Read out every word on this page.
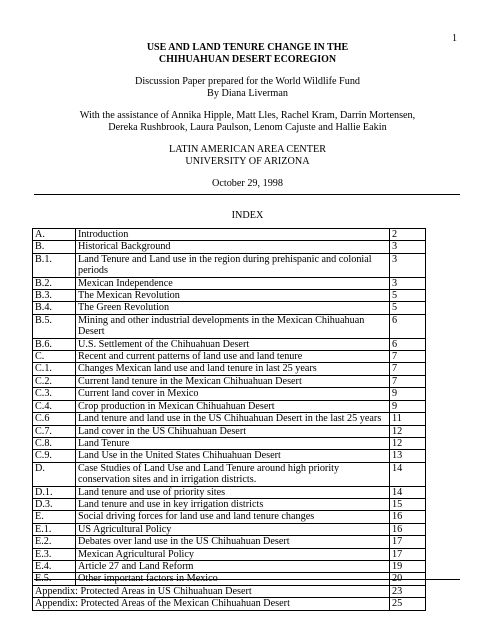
1
USE AND LAND TENURE CHANGE IN THE
CHIHUAHUAN DESERT ECOREGION
Discussion Paper prepared for the World Wildlife Fund
By Diana Liverman
With the assistance of Annika Hipple, Matt Lles, Rachel Kram, Darrin Mortensen,
Dereka Rushbrook, Laura Paulson, Lenom Cajuste and Hallie Eakin
LATIN AMERICAN AREA CENTER
UNIVERSITY OF ARIZONA
October 29, 1998
INDEX
A.	Introduction	2
B.	Historical Background	3
B.1.	Land Tenure and Land use in the region during prehispanic and colonial periods	3
B.2.	Mexican Independence	3
B.3.	The Mexican Revolution	5
B.4.	The Green Revolution	5
B.5.	Mining and other industrial developments in the Mexican Chihuahuan Desert	6
B.6.	U.S. Settlement of the Chihuahuan Desert	6
C.	Recent and current patterns of land use and land tenure	7
C.1.	Changes Mexican land use and land tenure in last 25 years	7
C.2.	Current land tenure in the Mexican Chihuahuan Desert	7
C.3.	Current land cover in Mexico	9
C.4.	Crop production in Mexican Chihuahuan Desert	9
C.6	Land tenure and land use in the US Chihuahuan Desert in the last 25 years	11
C.7.	Land cover in the US Chihuahuan Desert	12
C.8.	Land Tenure	12
C.9.	Land Use in the United States Chihuahuan Desert	13
D.	Case Studies of Land Use and Land Tenure around high priority conservation sites and in irrigation districts.	14
D.1.	Land tenure and use of priority sites	14
D.3.	Land tenure and use in key irrigation districts	15
E.	Social driving forces for land use and land tenure changes	16
E.1.	US Agricultural Policy	16
E.2.	Debates over land use in the US Chihuahuan Desert	17
E.3.	Mexican Agricultural Policy	17
E.4.	Article 27 and Land Reform	19
E.5.	Other important factors in Mexico	20
Appendix: Protected Areas in US Chihuahuan Desert		23
Appendix: Protected Areas of the Mexican Chihuahuan Desert		25
